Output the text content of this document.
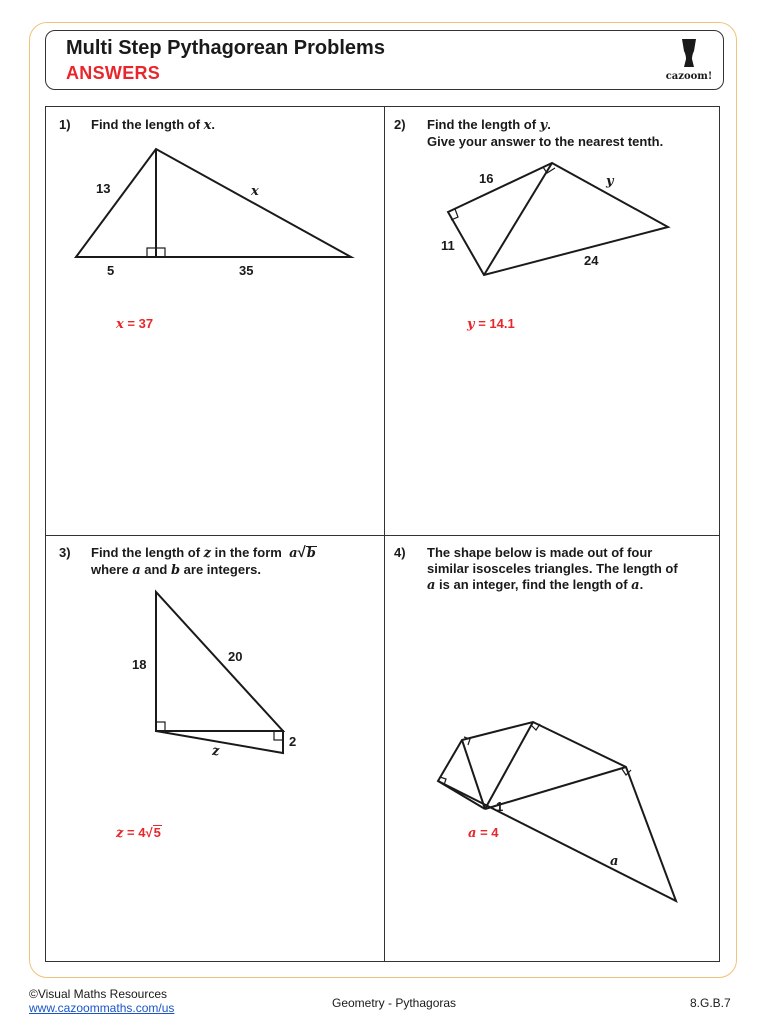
Multi Step Pythagorean Problems
ANSWERS	cazoom!
1) Find the length of x.
13	x
5	35
x = 37
2) Find the length of y.
Give your answer to the nearest tenth.
16
11
24
y
y = 14.1
3) Find the length of z in the form  a√b
where a and b are integers.
18
20
2
z
z = 4√5
4) The shape below is made out of four
similar isosceles triangles. The length of
a is an integer, find the length of a.
1
a
a = 4
©Visual Maths Resources
www.cazoommaths.com/us	Geometry - Pythagoras	8.G.B.7
